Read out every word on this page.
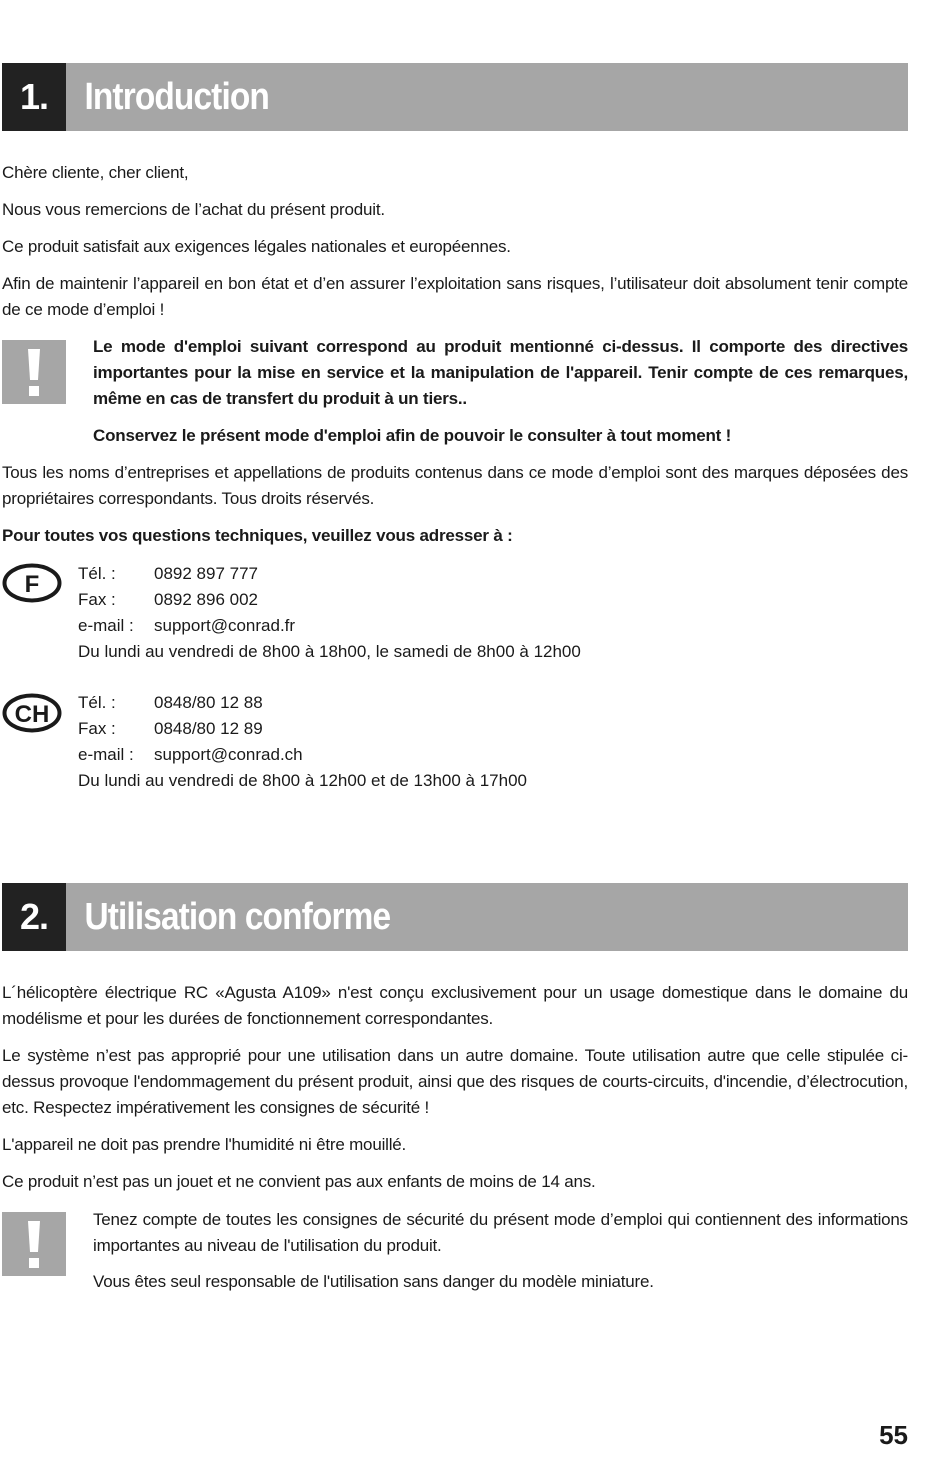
1. Introduction

Chère cliente, cher client,

Nous vous remercions de l’achat du présent produit.

Ce produit satisfait aux exigences légales nationales et européennes.

Afin de maintenir l’appareil en bon état et d’en assurer l’exploitation sans risques, l’utilisateur doit absolument tenir compte de ce mode d’emploi !

Le mode d'emploi suivant correspond au produit mentionné ci-dessus. Il comporte des directives importantes pour la mise en service et la manipulation de l'appareil. Tenir compte de ces remarques, même en cas de transfert du produit à un tiers..

Conservez le présent mode d'emploi afin de pouvoir le consulter à tout moment !

Tous les noms d’entreprises et appellations de produits contenus dans ce mode d’emploi sont des marques déposées des propriétaires correspondants. Tous droits réservés.

Pour toutes vos questions techniques, veuillez vous adresser à :

F Tél. : 0892 897 777
Fax : 0892 896 002
e-mail : support@conrad.fr
Du lundi au vendredi de 8h00 à 18h00, le samedi de 8h00 à 12h00
CH Tél. : 0848/80 12 88
Fax : 0848/80 12 89
e-mail : support@conrad.ch
Du lundi au vendredi de 8h00 à 12h00 et de 13h00 à 17h00
2. Utilisation conforme

L´hélicoptère électrique RC «Agusta A109» n'est conçu exclusivement pour un usage domestique dans le domaine du modélisme et pour les durées de fonctionnement correspondantes.

Le système n’est pas approprié pour une utilisation dans un autre domaine. Toute utilisation autre que celle stipulée ci-dessus provoque l'endommagement du présent produit, ainsi que des risques de courts-circuits, d'incendie, d’électrocution, etc. Respectez impérativement les consignes de sécurité !

L'appareil ne doit pas prendre l'humidité ni être mouillé.

Ce produit n’est pas un jouet et ne convient pas aux enfants de moins de 14 ans.

Tenez compte de toutes les consignes de sécurité du présent mode d’emploi qui contiennent des informations importantes au niveau de l'utilisation du produit.

Vous êtes seul responsable de l'utilisation sans danger du modèle miniature.

55
